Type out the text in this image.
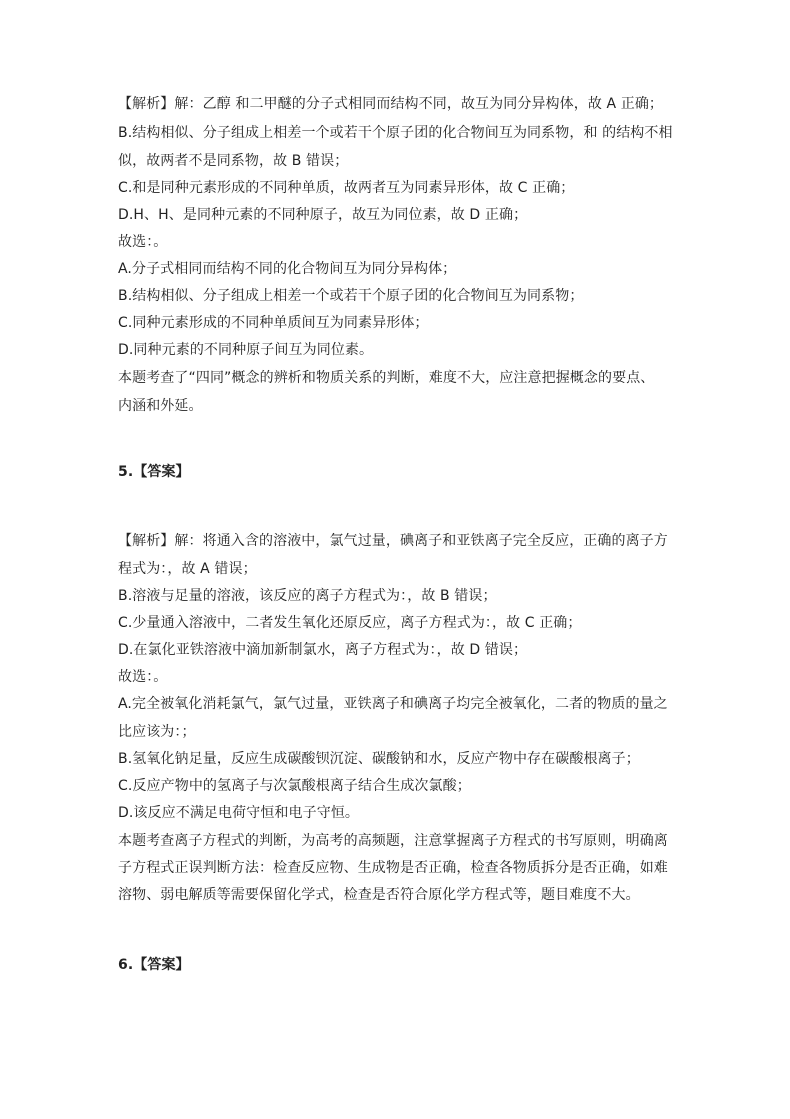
【解析】解：乙醇 和二甲醚的分子式相同而结构不同，故互为同分异构体，故 A 正确；
B.结构相似、分子组成上相差一个或若干个原子团的化合物间互为同系物，和 的结构不相
似，故两者不是同系物，故 B 错误；
C.和是同种元素形成的不同种单质，故两者互为同素异形体，故 C 正确；
D.H、H、是同种元素的不同种原子，故互为同位素，故 D 正确；
故选：。
A.分子式相同而结构不同的化合物间互为同分异构体；
B.结构相似、分子组成上相差一个或若干个原子团的化合物间互为同系物；
C.同种元素形成的不同种单质间互为同素异形体；
D.同种元素的不同种原子间互为同位素。
本题考查了“四同”概念的辨析和物质关系的判断，难度不大，应注意把握概念的要点、
内涵和外延。
5.【答案】
【解析】解：将通入含的溶液中，氯气过量，碘离子和亚铁离子完全反应，正确的离子方
程式为：，故 A 错误；
B.溶液与足量的溶液，该反应的离子方程式为：，故 B 错误；
C.少量通入溶液中，二者发生氧化还原反应，离子方程式为：，故 C 正确；
D.在氯化亚铁溶液中滴加新制氯水，离子方程式为：，故 D 错误；
故选：。
A.完全被氧化消耗氯气，氯气过量，亚铁离子和碘离子均完全被氧化，二者的物质的量之
比应该为：；
B.氢氧化钠足量，反应生成碳酸钡沉淀、碳酸钠和水，反应产物中存在碳酸根离子；
C.反应产物中的氢离子与次氯酸根离子结合生成次氯酸；
D.该反应不满足电荷守恒和电子守恒。
本题考查离子方程式的判断，为高考的高频题，注意掌握离子方程式的书写原则，明确离
子方程式正误判断方法：检查反应物、生成物是否正确，检查各物质拆分是否正确，如难
溶物、弱电解质等需要保留化学式，检查是否符合原化学方程式等，题目难度不大。
6.【答案】
